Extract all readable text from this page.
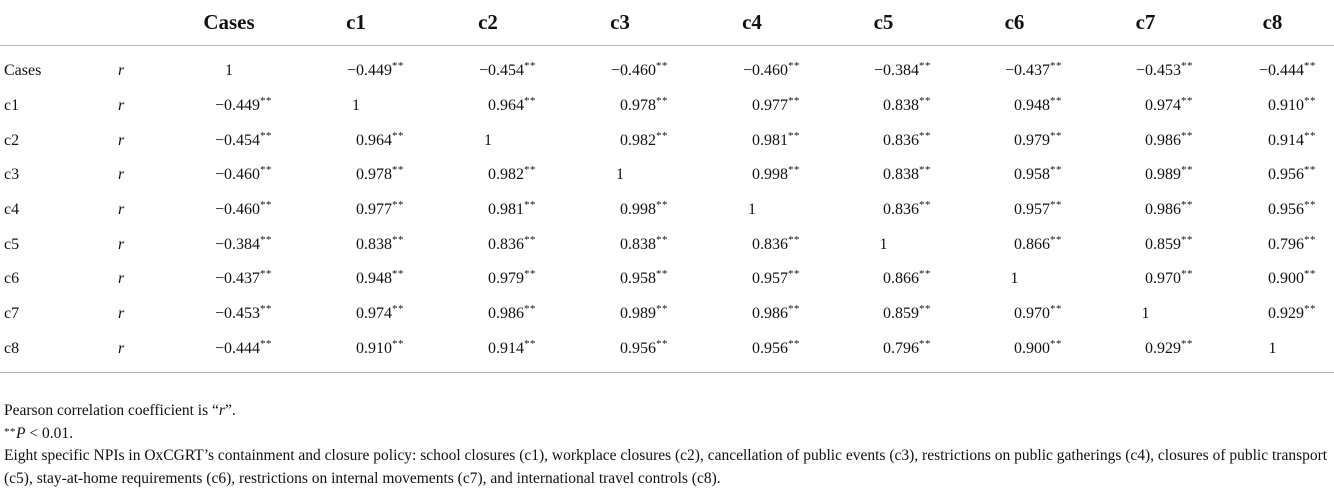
		Cases	c1	c2	c3	c4	c5	c6	c7	c8
Cases	r	1	−0.449**	−0.454**	−0.460**	−0.460**	−0.384**	−0.437**	−0.453**	−0.444**
c1	r	−0.449**	1	0.964**	0.978**	0.977**	0.838**	0.948**	0.974**	0.910**
c2	r	−0.454**	0.964**	1	0.982**	0.981**	0.836**	0.979**	0.986**	0.914**
c3	r	−0.460**	0.978**	0.982**	1	0.998**	0.838**	0.958**	0.989**	0.956**
c4	r	−0.460**	0.977**	0.981**	0.998**	1	0.836**	0.957**	0.986**	0.956**
c5	r	−0.384**	0.838**	0.836**	0.838**	0.836**	1	0.866**	0.859**	0.796**
c6	r	−0.437**	0.948**	0.979**	0.958**	0.957**	0.866**	1	0.970**	0.900**
c7	r	−0.453**	0.974**	0.986**	0.989**	0.986**	0.859**	0.970**	1	0.929**
c8	r	−0.444**	0.910**	0.914**	0.956**	0.956**	0.796**	0.900**	0.929**	1

Pearson correlation coefficient is “r”.

**P < 0.01.

Eight specific NPIs in OxCGRT’s containment and closure policy: school closures (c1), workplace closures (c2), cancellation of public events (c3), restrictions on public gatherings (c4), closures of public transport (c5), stay-at-home requirements (c6), restrictions on internal movements (c7), and international travel controls (c8).
